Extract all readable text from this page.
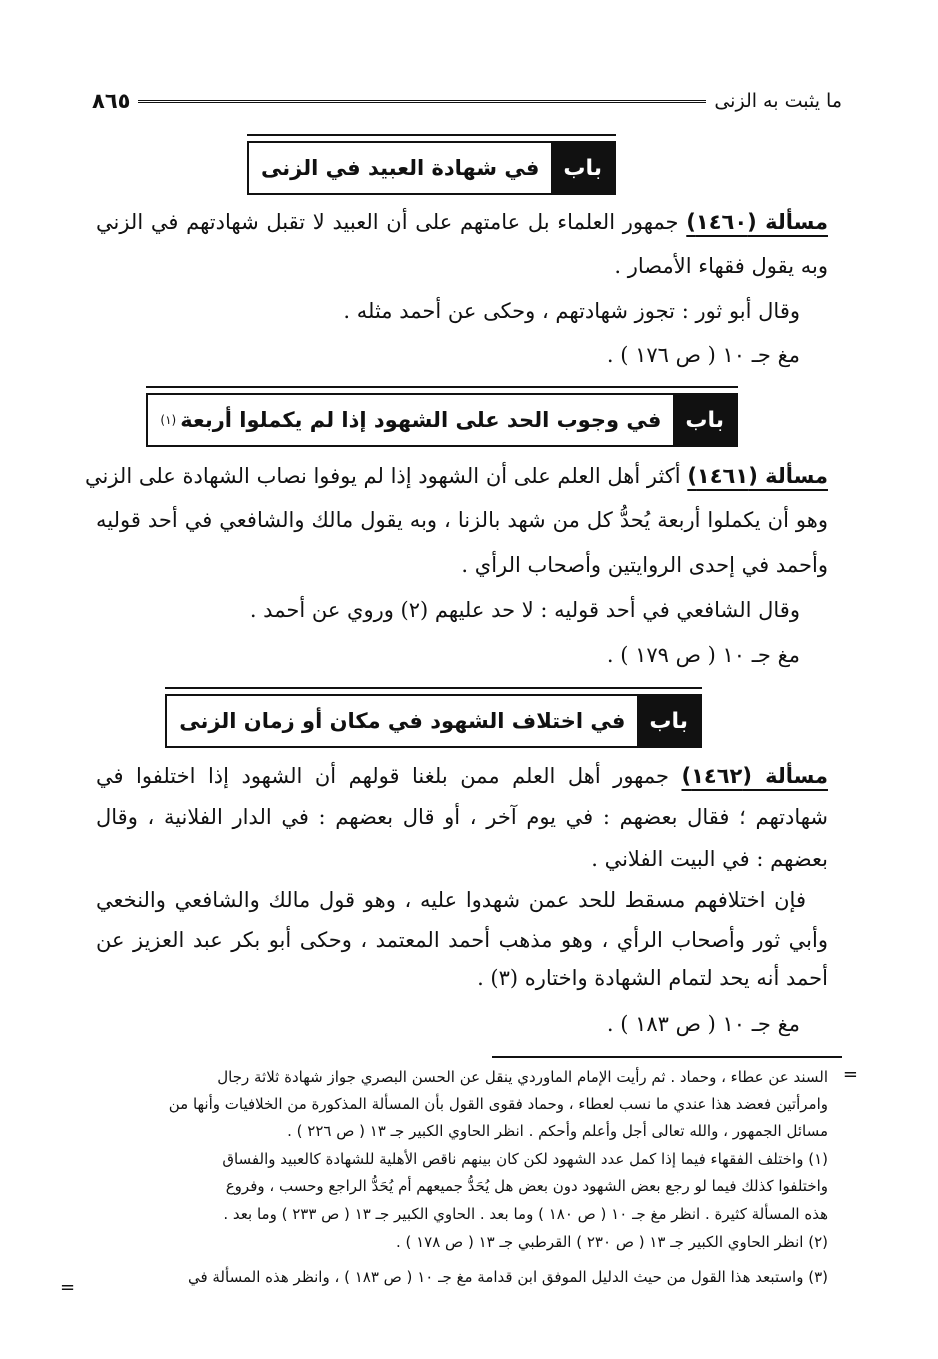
ما يثبت به الزنى
٨٦٥
باب
في شهادة العبيد في الزنى
مسألة (١٤٦٠) جمهور العلماء بل عامتهم على أن العبيد لا تقبل شهادتهم في الزني
وبه يقول فقهاء الأمصار .
وقال أبو ثور : تجوز شهادتهم ، وحكى عن أحمد مثله .
مغ جـ ١٠ ( ص ١٧٦ ) .
باب
في وجوب الحد على الشهود إذا لم يكملوا أربعة
(١)
مسألة (١٤٦١) أكثر أهل العلم على أن الشهود إذا لم يوفوا نصاب الشهادة على الزني
وهو أن يكملوا أربعة يُحدُّ كل من شهد بالزنا ، وبه يقول مالك والشافعي في أحد قوليه
وأحمد في إحدى الروايتين وأصحاب الرأي .
وقال الشافعي في أحد قوليه : لا حد عليهم (٢) وروي عن أحمد .
مغ جـ ١٠ ( ص ١٧٩ ) .
باب
في اختلاف الشهود في مكان أو زمان الزنى
مسألة (١٤٦٢) جمهور أهل العلم ممن بلغنا قولهم أن الشهود إذا اختلفوا في
شهادتهم ؛ فقال بعضهم : في يوم آخر ، أو قال بعضهم : في الدار الفلانية ، وقال
بعضهم : في البيت الفلاني .
فإن اختلافهم مسقط للحد عمن شهدوا عليه ، وهو قول مالك والشافعي والنخعي
وأبي ثور وأصحاب الرأي ، وهو مذهب أحمد المعتمد ، وحكى أبو بكر عبد العزيز عن
أحمد أنه يحد لتمام الشهادة واختاره (٣) .
مغ جـ ١٠ ( ص ١٨٣ ) .
=
السند عن عطاء ، وحماد . ثم رأيت الإمام الماوردي ينقل عن الحسن البصري جواز شهادة ثلاثة رجال
وامرأتين فعضد هذا عندي ما نسب لعطاء ، وحماد فقوى القول بأن المسألة المذكورة من الخلافيات وأنها من
مسائل الجمهور ، والله تعالى أجل وأعلم وأحكم . انظر الحاوي الكبير جـ ١٣ ( ص ٢٢٦ ) .
(١) واختلف الفقهاء فيما إذا كمل عدد الشهود لكن كان بينهم ناقص الأهلية للشهادة كالعبيد والفساق
واختلفوا كذلك فيما لو رجع بعض الشهود دون بعض هل يُحَدُّ جميعهم أم يُحَدُّ الراجع وحسب ، وفروع
هذه المسألة كثيرة . انظر مغ جـ ١٠ ( ص ١٨٠ ) وما بعد . الحاوي الكبير جـ ١٣ ( ص ٢٣٣ ) وما بعد .
(٢) انظر الحاوي الكبير جـ ١٣ ( ص ٢٣٠ ) القرطبي جـ ١٣ ( ص ١٧٨ ) .
(٣) واستبعد هذا القول من حيث الدليل الموفق ابن قدامة مغ جـ ١٠ ( ص ١٨٣ ) ، وانظر هذه المسألة في
=
